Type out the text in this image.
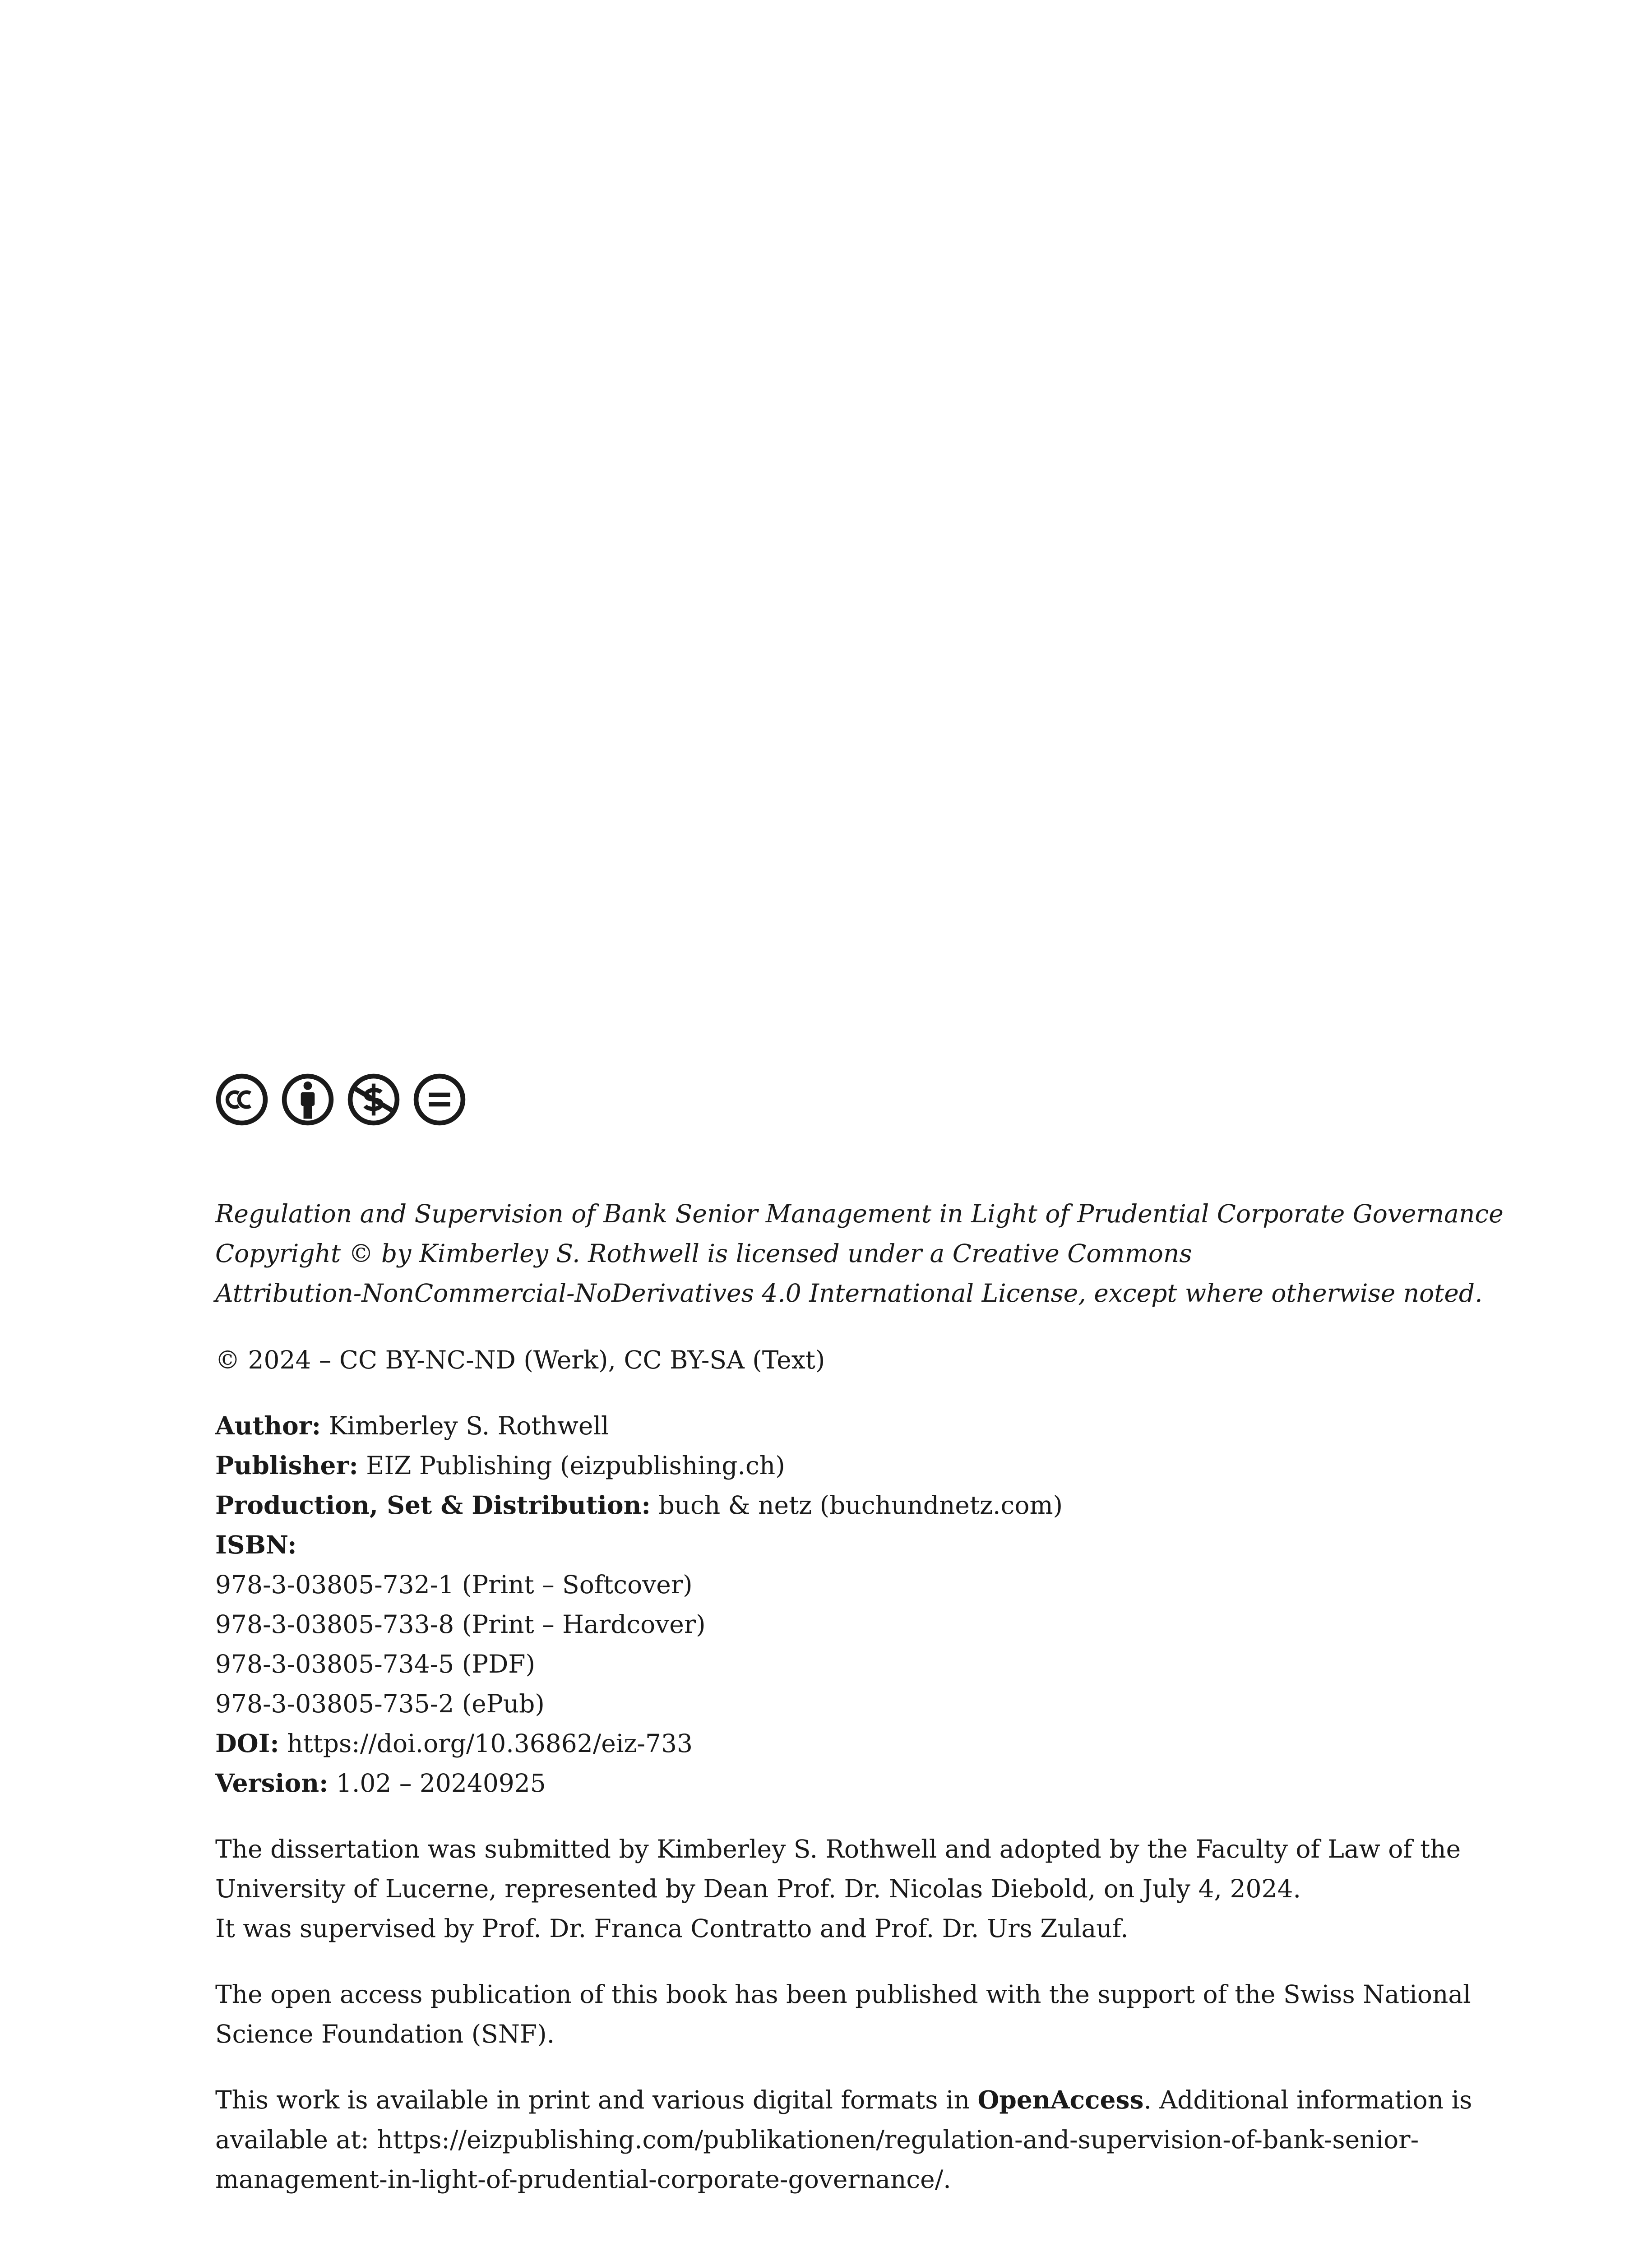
Regulation and Supervision of Bank Senior Management in Light of Prudential Corporate Governance
Copyright © by Kimberley S. Rothwell is licensed under a Creative Commons
Attribution-NonCommercial-NoDerivatives 4.0 International License, except where otherwise noted.

© 2024 – CC BY-NC-ND (Werk), CC BY-SA (Text)

Author: Kimberley S. Rothwell
Publisher: EIZ Publishing (eizpublishing.ch)
Production, Set & Distribution: buch & netz (buchundnetz.com)
ISBN:
978-3-03805-732-1 (Print – Softcover)
978-3-03805-733-8 (Print – Hardcover)
978-3-03805-734-5 (PDF)
978-3-03805-735-2 (ePub)
DOI: https://doi.org/10.36862/eiz-733
Version: 1.02 – 20240925

The dissertation was submitted by Kimberley S. Rothwell and adopted by the Faculty of Law of the
University of Lucerne, represented by Dean Prof. Dr. Nicolas Diebold, on July 4, 2024.
It was supervised by Prof. Dr. Franca Contratto and Prof. Dr. Urs Zulauf.

The open access publication of this book has been published with the support of the Swiss National
Science Foundation (SNF).

This work is available in print and various digital formats in OpenAccess. Additional information is
available at: https://eizpublishing.com/publikationen/regulation-and-supervision-of-bank-senior-
management-in-light-of-prudential-corporate-governance/.
